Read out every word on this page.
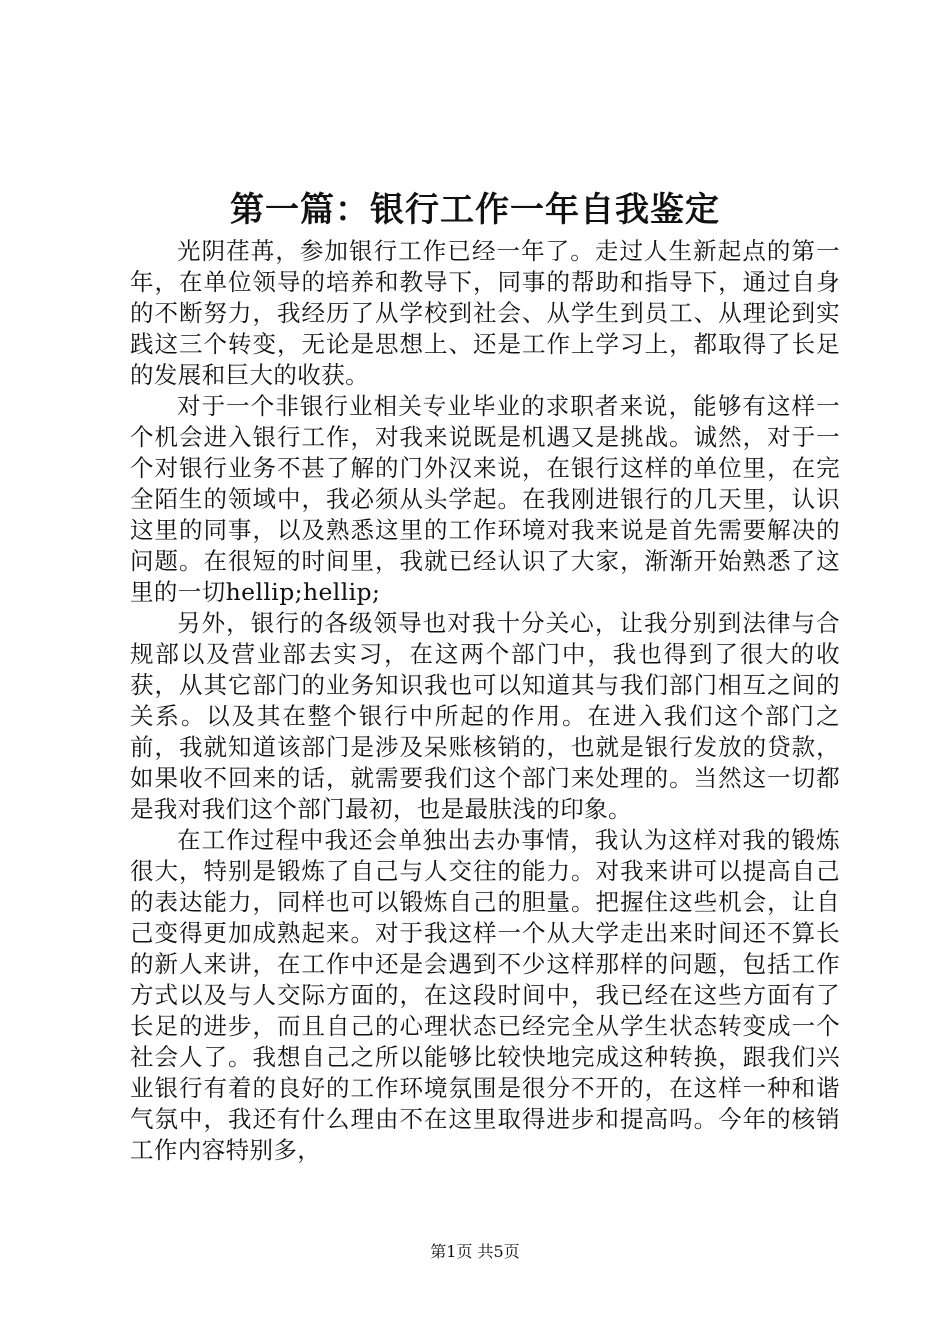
第一篇：银行工作一年自我鉴定

光阴荏苒，参加银行工作已经一年了。走过人生新起点的第一年，在单位领导的培养和教导下，同事的帮助和指导下，通过自身的不断努力，我经历了从学校到社会、从学生到员工、从理论到实践这三个转变，无论是思想上、还是工作上学习上，都取得了长足的发展和巨大的收获。

对于一个非银行业相关专业毕业的求职者来说，能够有这样一个机会进入银行工作，对我来说既是机遇又是挑战。诚然，对于一个对银行业务不甚了解的门外汉来说，在银行这样的单位里，在完全陌生的领域中，我必须从头学起。在我刚进银行的几天里，认识这里的同事，以及熟悉这里的工作环境对我来说是首先需要解决的问题。在很短的时间里，我就已经认识了大家，渐渐开始熟悉了这里的一切hellip;hellip;

另外，银行的各级领导也对我十分关心，让我分别到法律与合规部以及营业部去实习，在这两个部门中，我也得到了很大的收获，从其它部门的业务知识我也可以知道其与我们部门相互之间的关系。以及其在整个银行中所起的作用。在进入我们这个部门之前，我就知道该部门是涉及呆账核销的，也就是银行发放的贷款，如果收不回来的话，就需要我们这个部门来处理的。当然这一切都是我对我们这个部门最初，也是最肤浅的印象。

在工作过程中我还会单独出去办事情，我认为这样对我的锻炼很大，特别是锻炼了自己与人交往的能力。对我来讲可以提高自己的表达能力，同样也可以锻炼自己的胆量。把握住这些机会，让自己变得更加成熟起来。对于我这样一个从大学走出来时间还不算长的新人来讲，在工作中还是会遇到不少这样那样的问题，包括工作方式以及与人交际方面的，在这段时间中，我已经在这些方面有了长足的进步，而且自己的心理状态已经完全从学生状态转变成一个社会人了。我想自己之所以能够比较快地完成这种转换，跟我们兴业银行有着的良好的工作环境氛围是很分不开的，在这样一种和谐气氛中，我还有什么理由不在这里取得进步和提高吗。今年的核销工作内容特别多，

第1页 共5页
